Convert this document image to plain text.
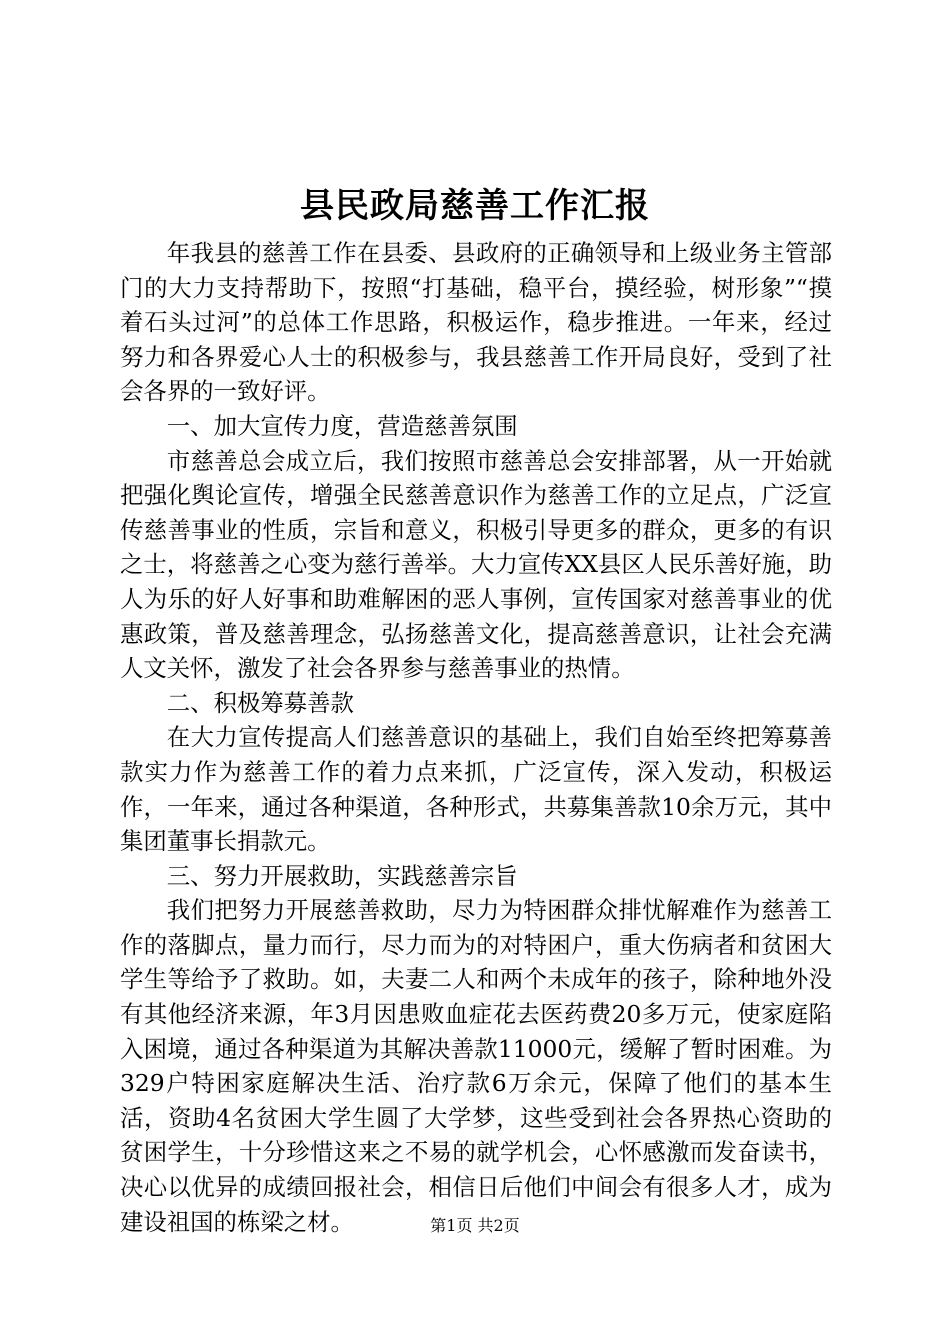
县民政局慈善工作汇报

年我县的慈善工作在县委、县政府的正确领导和上级业务主管部门的大力支持帮助下，按照“打基础，稳平台，摸经验，树形象”“摸着石头过河”的总体工作思路，积极运作，稳步推进。一年来，经过努力和各界爱心人士的积极参与，我县慈善工作开局良好，受到了社会各界的一致好评。

一、加大宣传力度，营造慈善氛围

市慈善总会成立后，我们按照市慈善总会安排部署，从一开始就把强化舆论宣传，增强全民慈善意识作为慈善工作的立足点，广泛宣传慈善事业的性质，宗旨和意义，积极引导更多的群众，更多的有识之士，将慈善之心变为慈行善举。大力宣传XX县区人民乐善好施，助人为乐的好人好事和助难解困的恶人事例，宣传国家对慈善事业的优惠政策，普及慈善理念，弘扬慈善文化，提高慈善意识，让社会充满人文关怀，激发了社会各界参与慈善事业的热情。

二、积极筹募善款

在大力宣传提高人们慈善意识的基础上，我们自始至终把筹募善款实力作为慈善工作的着力点来抓，广泛宣传，深入发动，积极运作，一年来，通过各种渠道，各种形式，共募集善款10余万元，其中集团董事长捐款元。

三、努力开展救助，实践慈善宗旨

我们把努力开展慈善救助，尽力为特困群众排忧解难作为慈善工作的落脚点，量力而行，尽力而为的对特困户，重大伤病者和贫困大学生等给予了救助。如，夫妻二人和两个未成年的孩子，除种地外没有其他经济来源，年3月因患败血症花去医药费20多万元，使家庭陷入困境，通过各种渠道为其解决善款11000元，缓解了暂时困难。为329户特困家庭解决生活、治疗款6万余元，保障了他们的基本生活，资助4名贫困大学生圆了大学梦，这些受到社会各界热心资助的贫困学生，十分珍惜这来之不易的就学机会，心怀感激而发奋读书，决心以优异的成绩回报社会，相信日后他们中间会有很多人才，成为建设祖国的栋梁之材。	第1页 共2页
